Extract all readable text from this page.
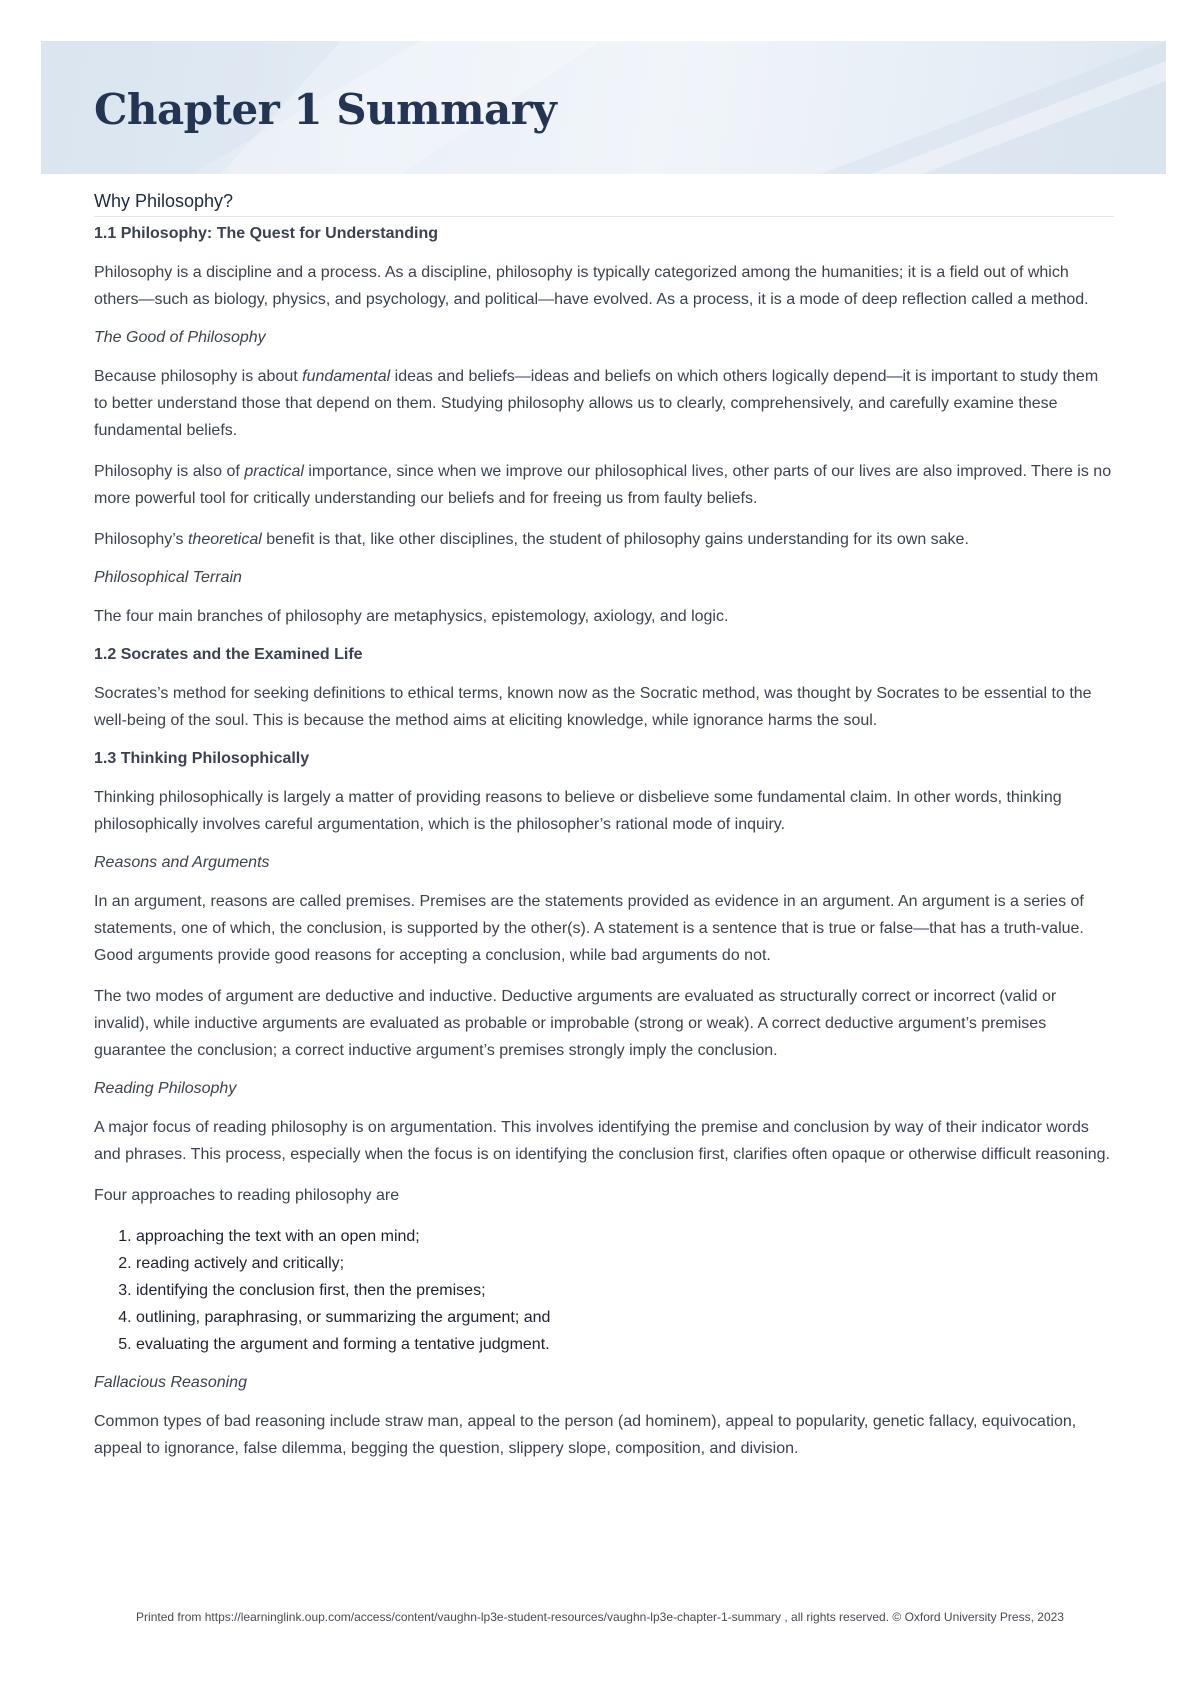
Chapter 1 Summary
Why Philosophy?
1.1 Philosophy: The Quest for Understanding

Philosophy is a discipline and a process. As a discipline, philosophy is typically categorized among the humanities; it is a field out of which others—such as biology, physics, and psychology, and political—have evolved. As a process, it is a mode of deep reflection called a method.

The Good of Philosophy

Because philosophy is about fundamental ideas and beliefs—ideas and beliefs on which others logically depend—it is important to study them to better understand those that depend on them. Studying philosophy allows us to clearly, comprehensively, and carefully examine these fundamental beliefs.

Philosophy is also of practical importance, since when we improve our philosophical lives, other parts of our lives are also improved. There is no more powerful tool for critically understanding our beliefs and for freeing us from faulty beliefs.

Philosophy’s theoretical benefit is that, like other disciplines, the student of philosophy gains understanding for its own sake.

Philosophical Terrain

The four main branches of philosophy are metaphysics, epistemology, axiology, and logic.

1.2 Socrates and the Examined Life

Socrates’s method for seeking definitions to ethical terms, known now as the Socratic method, was thought by Socrates to be essential to the well-being of the soul. This is because the method aims at eliciting knowledge, while ignorance harms the soul.

1.3 Thinking Philosophically

Thinking philosophically is largely a matter of providing reasons to believe or disbelieve some fundamental claim. In other words, thinking philosophically involves careful argumentation, which is the philosopher’s rational mode of inquiry.

Reasons and Arguments

In an argument, reasons are called premises. Premises are the statements provided as evidence in an argument. An argument is a series of statements, one of which, the conclusion, is supported by the other(s). A statement is a sentence that is true or false—that has a truth-value. Good arguments provide good reasons for accepting a conclusion, while bad arguments do not.

The two modes of argument are deductive and inductive. Deductive arguments are evaluated as structurally correct or incorrect (valid or invalid), while inductive arguments are evaluated as probable or improbable (strong or weak). A correct deductive argument’s premises guarantee the conclusion; a correct inductive argument’s premises strongly imply the conclusion.

Reading Philosophy

A major focus of reading philosophy is on argumentation. This involves identifying the premise and conclusion by way of their indicator words and phrases. This process, especially when the focus is on identifying the conclusion first, clarifies often opaque or otherwise difficult reasoning.

Four approaches to reading philosophy are

1. approaching the text with an open mind;
2. reading actively and critically;
3. identifying the conclusion first, then the premises;
4. outlining, paraphrasing, or summarizing the argument; and
5. evaluating the argument and forming a tentative judgment.
Fallacious Reasoning

Common types of bad reasoning include straw man, appeal to the person (ad hominem), appeal to popularity, genetic fallacy, equivocation, appeal to ignorance, false dilemma, begging the question, slippery slope, composition, and division.

Printed from https://learninglink.oup.com/access/content/vaughn-lp3e-student-resources/vaughn-lp3e-chapter-1-summary , all rights reserved. © Oxford University Press, 2023
